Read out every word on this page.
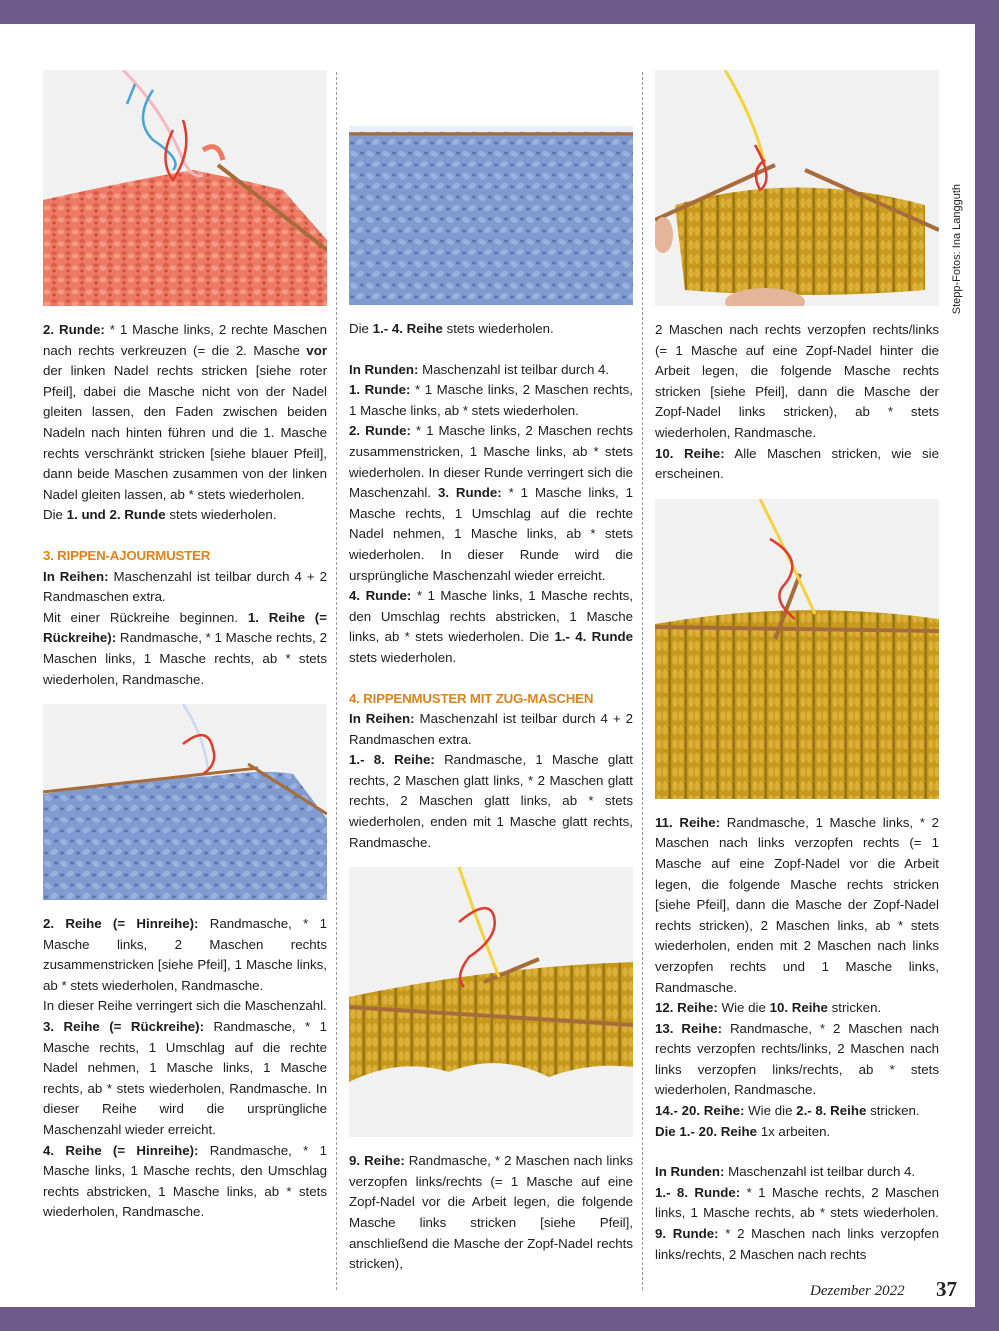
Stepp-Fotos: Ina Langguth

2. Runde: * 1 Masche links, 2 rechte Maschen nach rechts verkreuzen (= die 2. Masche vor der linken Nadel rechts stricken [siehe roter Pfeil], dabei die Masche nicht von der Nadel gleiten lassen, den Faden zwischen beiden Nadeln nach hinten führen und die 1. Masche rechts verschränkt stricken [siehe blauer Pfeil], dann beide Maschen zusammen von der linken Nadel gleiten lassen, ab * stets wiederholen.

Die 1. und 2. Runde stets wiederholen.

3. RIPPEN-AJOURMUSTER

In Reihen: Maschenzahl ist teilbar durch 4 + 2 Randmaschen extra.

Mit einer Rückreihe beginnen. 1. Reihe (= Rückreihe): Randmasche, * 1 Masche rechts, 2 Maschen links, 1 Masche rechts, ab * stets wiederholen, Randmasche.

2. Reihe (= Hinreihe): Randmasche, * 1 Masche links, 2 Maschen rechts zusammenstricken [siehe Pfeil], 1 Masche links, ab * stets wiederholen, Randmasche.

In dieser Reihe verringert sich die Maschenzahl.

3. Reihe (= Rückreihe): Randmasche, * 1 Masche rechts, 1 Umschlag auf die rechte Nadel nehmen, 1 Masche links, 1 Masche rechts, ab * stets wiederholen, Randmasche. In dieser Reihe wird die ursprüngliche Maschenzahl wieder erreicht.

4. Reihe (= Hinreihe): Randmasche, * 1 Masche links, 1 Masche rechts, den Umschlag rechts abstricken, 1 Masche links, ab * stets wiederholen, Randmasche.

Die 1.- 4. Reihe stets wiederholen.

In Runden: Maschenzahl ist teilbar durch 4.

1. Runde: * 1 Masche links, 2 Maschen rechts, 1 Masche links, ab * stets wiederholen.

2. Runde: * 1 Masche links, 2 Maschen rechts zusammenstricken, 1 Masche links, ab * stets wiederholen. In dieser Runde verringert sich die Maschenzahl. 3. Runde: * 1 Masche links, 1 Masche rechts, 1 Umschlag auf die rechte Nadel nehmen, 1 Masche links, ab * stets wiederholen. In dieser Runde wird die ursprüngliche Maschenzahl wieder erreicht.

4. Runde: * 1 Masche links, 1 Masche rechts, den Umschlag rechts abstricken, 1 Masche links, ab * stets wiederholen. Die 1.- 4. Runde stets wiederholen.

4. RIPPENMUSTER MIT ZUG-MASCHEN

In Reihen: Maschenzahl ist teilbar durch 4 + 2 Randmaschen extra.

1.- 8. Reihe: Randmasche, 1 Masche glatt rechts, 2 Maschen glatt links, * 2 Maschen glatt rechts, 2 Maschen glatt links, ab * stets wiederholen, enden mit 1 Masche glatt rechts, Randmasche.

9. Reihe: Randmasche, * 2 Maschen nach links verzopfen links/rechts (= 1 Masche auf eine Zopf-Nadel vor die Arbeit legen, die folgende Masche links stricken [siehe Pfeil], anschließend die Masche der Zopf-Nadel rechts stricken),

2 Maschen nach rechts verzopfen rechts/links (= 1 Masche auf eine Zopf-Nadel hinter die Arbeit legen, die folgende Masche rechts stricken [siehe Pfeil], dann die Masche der Zopf-Nadel links stricken), ab * stets wiederholen, Randmasche.

10. Reihe: Alle Maschen stricken, wie sie erscheinen.

11. Reihe: Randmasche, 1 Masche links, * 2 Maschen nach links verzopfen rechts (= 1 Masche auf eine Zopf-Nadel vor die Arbeit legen, die folgende Masche rechts stricken [siehe Pfeil], dann die Masche der Zopf-Nadel rechts stricken), 2 Maschen links, ab * stets wiederholen, enden mit 2 Maschen nach links verzopfen rechts und 1 Masche links, Randmasche.

12. Reihe: Wie die 10. Reihe stricken.

13. Reihe: Randmasche, * 2 Maschen nach rechts verzopfen rechts/links, 2 Maschen nach links verzopfen links/rechts, ab * stets wiederholen, Randmasche.

14.- 20. Reihe: Wie die 2.- 8. Reihe stricken.

Die 1.- 20. Reihe 1x arbeiten.

In Runden: Maschenzahl ist teilbar durch 4.

1.- 8. Runde: * 1 Masche rechts, 2 Maschen links, 1 Masche rechts, ab * stets wiederholen. 9. Runde: * 2 Maschen nach links verzopfen links/rechts, 2 Maschen nach rechts

Dezember 2022 37
